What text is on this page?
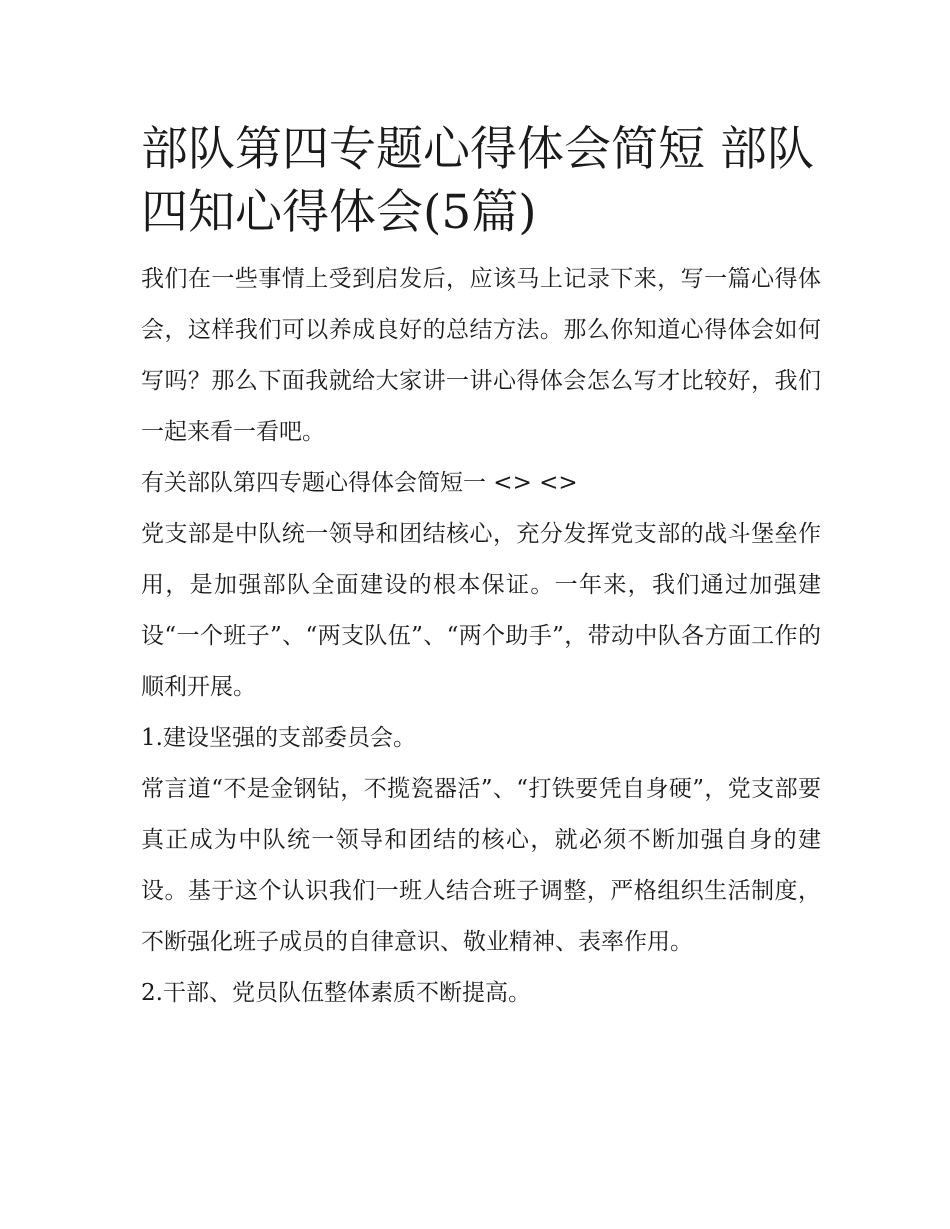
部队第四专题心得体会简短 部队四知心得体会(5篇)

我们在一些事情上受到启发后，应该马上记录下来，写一篇心得体会，这样我们可以养成良好的总结方法。那么你知道心得体会如何写吗？那么下面我就给大家讲一讲心得体会怎么写才比较好，我们一起来看一看吧。

有关部队第四专题心得体会简短一 <> <>

党支部是中队统一领导和团结核心，充分发挥党支部的战斗堡垒作用，是加强部队全面建设的根本保证。一年来，我们通过加强建设“一个班子”、“两支队伍”、“两个助手”，带动中队各方面工作的顺利开展。

1.建设坚强的支部委员会。

常言道“不是金钢钻，不揽瓷器活”、“打铁要凭自身硬”，党支部要真正成为中队统一领导和团结的核心，就必须不断加强自身的建设。基于这个认识我们一班人结合班子调整，严格组织生活制度，不断强化班子成员的自律意识、敬业精神、表率作用。

2.干部、党员队伍整体素质不断提高。
